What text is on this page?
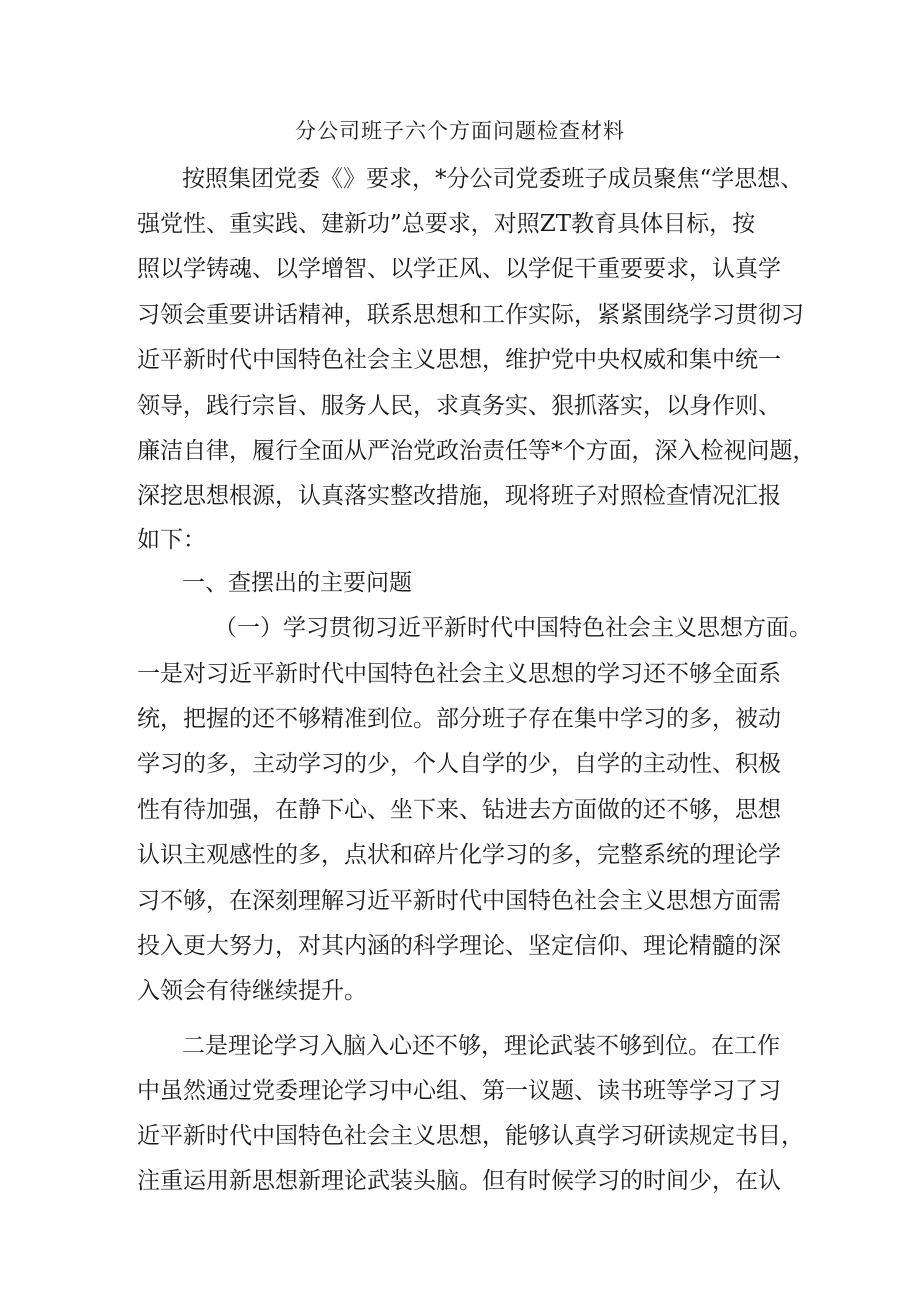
分公司班子六个方面问题检查材料
按照集团党委《》要求，*分公司党委班子成员聚焦“学思想、
强党性、重实践、建新功”总要求，对照ZT教育具体目标，按
照以学铸魂、以学增智、以学正风、以学促干重要要求，认真学
习领会重要讲话精神，联系思想和工作实际，紧紧围绕学习贯彻习
近平新时代中国特色社会主义思想，维护党中央权威和集中统一
领导，践行宗旨、服务人民，求真务实、狠抓落实，以身作则、
廉洁自律，履行全面从严治党政治责任等*个方面，深入检视问题，
深挖思想根源，认真落实整改措施，现将班子对照检查情况汇报
如下：
一、查摆出的主要问题
（一）学习贯彻习近平新时代中国特色社会主义思想方面。
一是对习近平新时代中国特色社会主义思想的学习还不够全面系
统，把握的还不够精准到位。部分班子存在集中学习的多，被动
学习的多，主动学习的少，个人自学的少，自学的主动性、积极
性有待加强，在静下心、坐下来、钻进去方面做的还不够，思想
认识主观感性的多，点状和碎片化学习的多，完整系统的理论学
习不够，在深刻理解习近平新时代中国特色社会主义思想方面需
投入更大努力，对其内涵的科学理论、坚定信仰、理论精髓的深
入领会有待继续提升。
二是理论学习入脑入心还不够，理论武装不够到位。在工作
中虽然通过党委理论学习中心组、第一议题、读书班等学习了习
近平新时代中国特色社会主义思想，能够认真学习研读规定书目，
注重运用新思想新理论武装头脑。但有时候学习的时间少，在认
